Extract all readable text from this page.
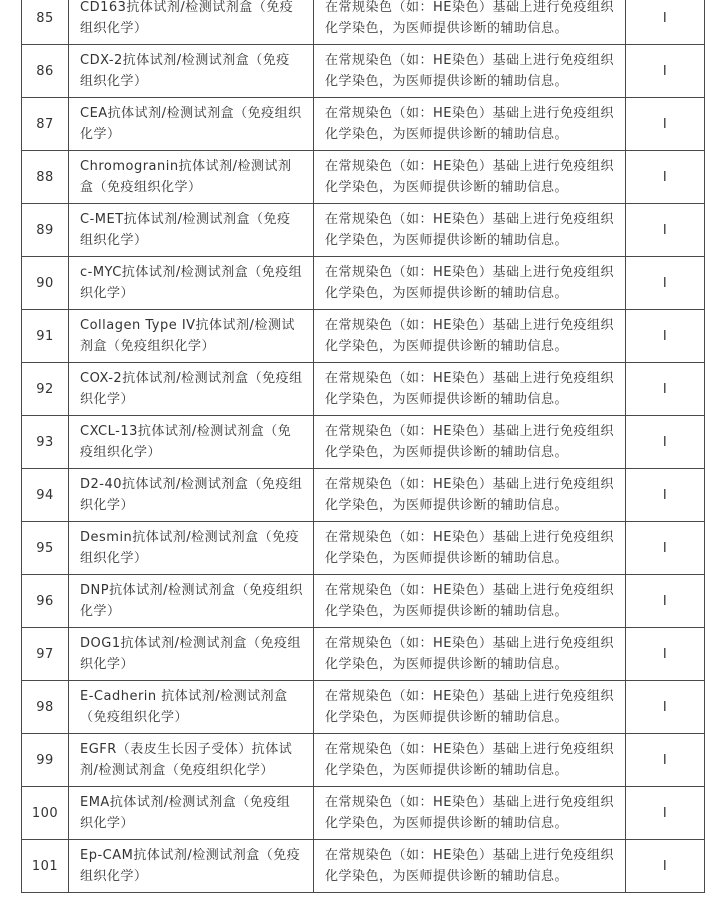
85	CD163抗体试剂/检测试剂盒（免疫组织化学）	在常规染色（如：HE染色）基础上进行免疫组织化学染色，为医师提供诊断的辅助信息。	I
86	CDX-2抗体试剂/检测试剂盒（免疫组织化学）	在常规染色（如：HE染色）基础上进行免疫组织化学染色，为医师提供诊断的辅助信息。	I
87	CEA抗体试剂/检测试剂盒（免疫组织化学）	在常规染色（如：HE染色）基础上进行免疫组织化学染色，为医师提供诊断的辅助信息。	I
88	Chromogranin抗体试剂/检测试剂盒（免疫组织化学）	在常规染色（如：HE染色）基础上进行免疫组织化学染色，为医师提供诊断的辅助信息。	I
89	C-MET抗体试剂/检测试剂盒（免疫组织化学）	在常规染色（如：HE染色）基础上进行免疫组织化学染色，为医师提供诊断的辅助信息。	I
90	c-MYC抗体试剂/检测试剂盒（免疫组织化学）	在常规染色（如：HE染色）基础上进行免疫组织化学染色，为医师提供诊断的辅助信息。	I
91	Collagen Type IV抗体试剂/检测试剂盒（免疫组织化学）	在常规染色（如：HE染色）基础上进行免疫组织化学染色，为医师提供诊断的辅助信息。	I
92	COX-2抗体试剂/检测试剂盒（免疫组织化学）	在常规染色（如：HE染色）基础上进行免疫组织化学染色，为医师提供诊断的辅助信息。	I
93	CXCL-13抗体试剂/检测试剂盒（免疫组织化学）	在常规染色（如：HE染色）基础上进行免疫组织化学染色，为医师提供诊断的辅助信息。	I
94	D2-40抗体试剂/检测试剂盒（免疫组织化学）	在常规染色（如：HE染色）基础上进行免疫组织化学染色，为医师提供诊断的辅助信息。	I
95	Desmin抗体试剂/检测试剂盒（免疫组织化学）	在常规染色（如：HE染色）基础上进行免疫组织化学染色，为医师提供诊断的辅助信息。	I
96	DNP抗体试剂/检测试剂盒（免疫组织化学）	在常规染色（如：HE染色）基础上进行免疫组织化学染色，为医师提供诊断的辅助信息。	I
97	DOG1抗体试剂/检测试剂盒（免疫组织化学）	在常规染色（如：HE染色）基础上进行免疫组织化学染色，为医师提供诊断的辅助信息。	I
98	E-Cadherin 抗体试剂/检测试剂盒（免疫组织化学）	在常规染色（如：HE染色）基础上进行免疫组织化学染色，为医师提供诊断的辅助信息。	I
99	EGFR（表皮生长因子受体）抗体试剂/检测试剂盒（免疫组织化学）	在常规染色（如：HE染色）基础上进行免疫组织化学染色，为医师提供诊断的辅助信息。	I
100	EMA抗体试剂/检测试剂盒（免疫组织化学）	在常规染色（如：HE染色）基础上进行免疫组织化学染色，为医师提供诊断的辅助信息。	I
101	Ep-CAM抗体试剂/检测试剂盒（免疫组织化学）	在常规染色（如：HE染色）基础上进行免疫组织化学染色，为医师提供诊断的辅助信息。	I
